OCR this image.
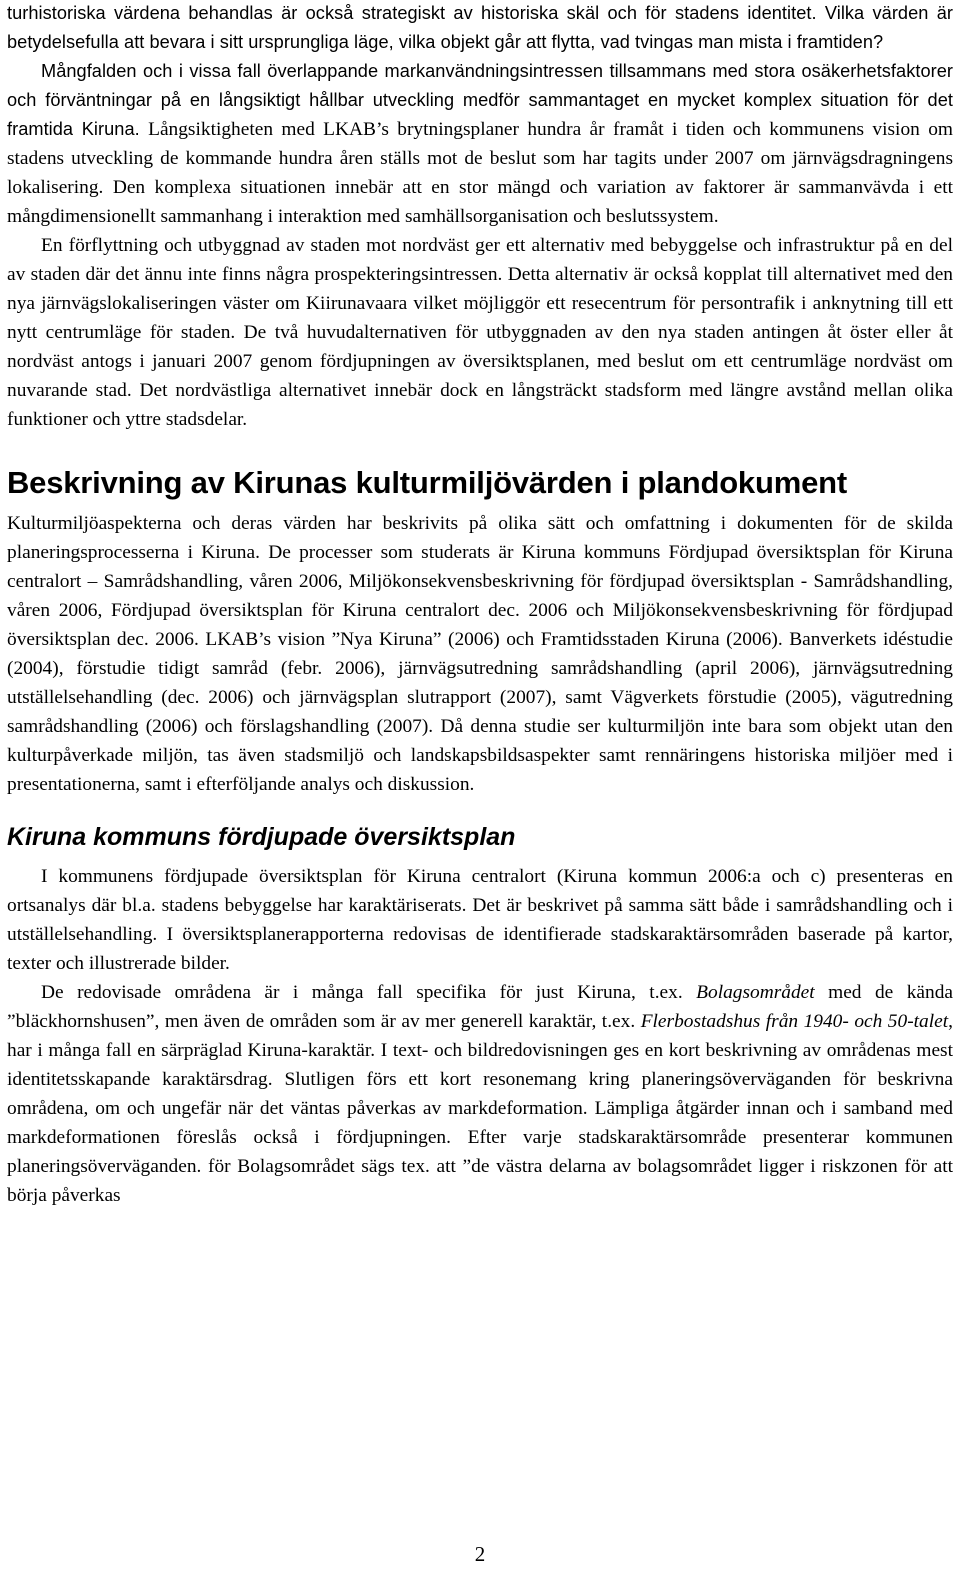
turhistoriska värdena behandlas är också strategiskt av historiska skäl och för stadens identitet. Vilka värden är betydelsefulla att bevara i sitt ursprungliga läge, vilka objekt går att flytta, vad tvingas man mista i framtiden?

Mångfalden och i vissa fall överlappande markanvändningsintressen tillsammans med stora osäkerhetsfaktorer och förväntningar på en långsiktigt hållbar utveckling medför sammantaget en mycket komplex situation för det framtida Kiruna. Långsiktigheten med LKAB’s brytningsplaner hundra år framåt i tiden och kommunens vision om stadens utveckling de kommande hundra åren ställs mot de beslut som har tagits under 2007 om järnvägsdragningens lokalisering. Den komplexa situationen innebär att en stor mängd och variation av faktorer är sammanvävda i ett mångdimensionellt sammanhang i interaktion med samhällsorganisation och beslutssystem.

En förflyttning och utbyggnad av staden mot nordväst ger ett alternativ med bebyggelse och infrastruktur på en del av staden där det ännu inte finns några prospekteringsintressen. Detta alternativ är också kopplat till alternativet med den nya järnvägslokaliseringen väster om Kiirunavaara vilket möjliggör ett resecentrum för persontrafik i anknytning till ett nytt centrumläge för staden. De två huvudalternativen för utbyggnaden av den nya staden antingen åt öster eller åt nordväst antogs i januari 2007 genom fördjupningen av översiktsplanen, med beslut om ett centrumläge nordväst om nuvarande stad. Det nordvästliga alternativet innebär dock en långsträckt stadsform med längre avstånd mellan olika funktioner och yttre stadsdelar.

Beskrivning av Kirunas kulturmiljövärden i plandokument

Kulturmiljöaspekterna och deras värden har beskrivits på olika sätt och omfattning i dokumenten för de skilda planeringsprocesserna i Kiruna. De processer som studerats är Kiruna kommuns Fördjupad översiktsplan för Kiruna centralort – Samrådshandling, våren 2006, Miljökonsekvensbeskrivning för fördjupad översiktsplan - Samrådshandling, våren 2006, Fördjupad översiktsplan för Kiruna centralort dec. 2006 och Miljökonsekvensbeskrivning för fördjupad översiktsplan dec. 2006. LKAB’s vision ”Nya Kiruna” (2006) och Framtidsstaden Kiruna (2006). Banverkets idéstudie (2004), förstudie tidigt samråd (febr. 2006), järnvägsutredning samrådshandling (april 2006), järnvägsutredning utställelsehandling (dec. 2006) och järnvägsplan slutrapport (2007), samt Vägverkets förstudie (2005), vägutredning samrådshandling (2006) och förslagshandling (2007). Då denna studie ser kulturmiljön inte bara som objekt utan den kulturpåverkade miljön, tas även stadsmiljö och landskapsbildsaspekter samt rennäringens historiska miljöer med i presentationerna, samt i efterföljande analys och diskussion.

Kiruna kommuns fördjupade översiktsplan

I kommunens fördjupade översiktsplan för Kiruna centralort (Kiruna kommun 2006:a och c) presenteras en ortsanalys där bl.a. stadens bebyggelse har karaktäriserats. Det är beskrivet på samma sätt både i samrådshandling och i utställelsehandling. I översiktsplanerapporterna redovisas de identifierade stadskaraktärsområden baserade på kartor, texter och illustrerade bilder.

De redovisade områdena är i många fall specifika för just Kiruna, t.ex. Bolagsområdet med de kända ”bläckhornshusen”, men även de områden som är av mer generell karaktär, t.ex. Flerbostadshus från 1940- och 50-talet, har i många fall en särpräglad Kiruna-karaktär. I text- och bildredovisningen ges en kort beskrivning av områdenas mest identitetsskapande karaktärsdrag. Slutligen förs ett kort resonemang kring planeringsöverväganden för beskrivna områdena, om och ungefär när det väntas påverkas av markdeformation. Lämpliga åtgärder innan och i samband med markdeformationen föreslås också i fördjupningen. Efter varje stadskaraktärsområde presenterar kommunen planeringsöverväganden. för Bolagsområdet sägs tex. att ”de västra delarna av bolagsområdet ligger i riskzonen för att börja påverkas

2
